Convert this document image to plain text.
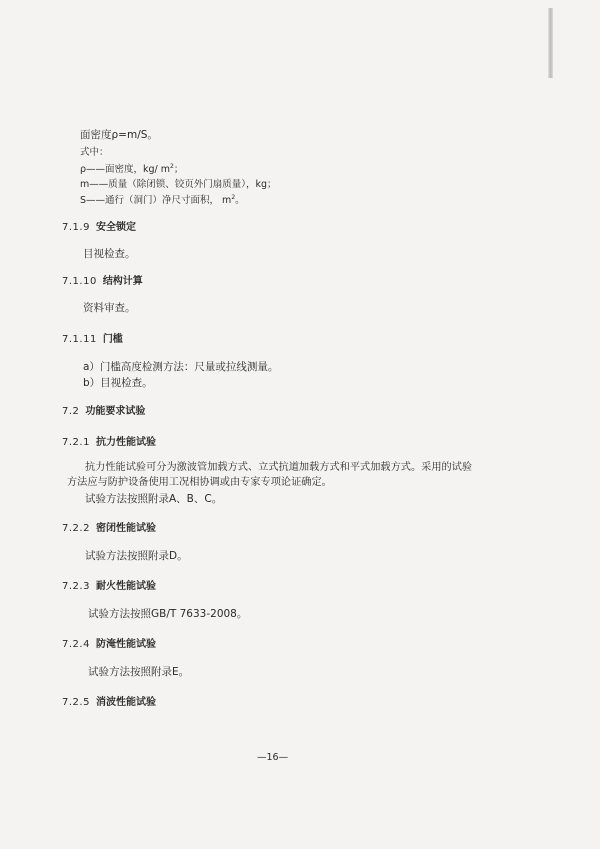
面密度ρ=m/S。
式中：
ρ——面密度，kg/ $m^2$；
m——质量（除闭锁、铰页外门扇质量），kg；
S——通行（洞门）净尺寸面积， $m^2$。
7.1.9 安全锁定
目视检查。
7.1.10 结构计算
资料审查。
7.1.11 门槛
a）门槛高度检测方法：尺量或拉线测量。
b）目视检查。
7.2 功能要求试验
7.2.1 抗力性能试验
抗力性能试验可分为激波管加载方式、立式抗道加载方式和平式加载方式。采用的试验
方法应与防护设备使用工况相协调或由专家专项论证确定。
试验方法按照附录A、B、C。
7.2.2 密闭性能试验
试验方法按照附录D。
7.2.3 耐火性能试验
试验方法按照GB/T 7633-2008。
7.2.4 防淹性能试验
试验方法按照附录E。
7.2.5 消波性能试验
—16—
